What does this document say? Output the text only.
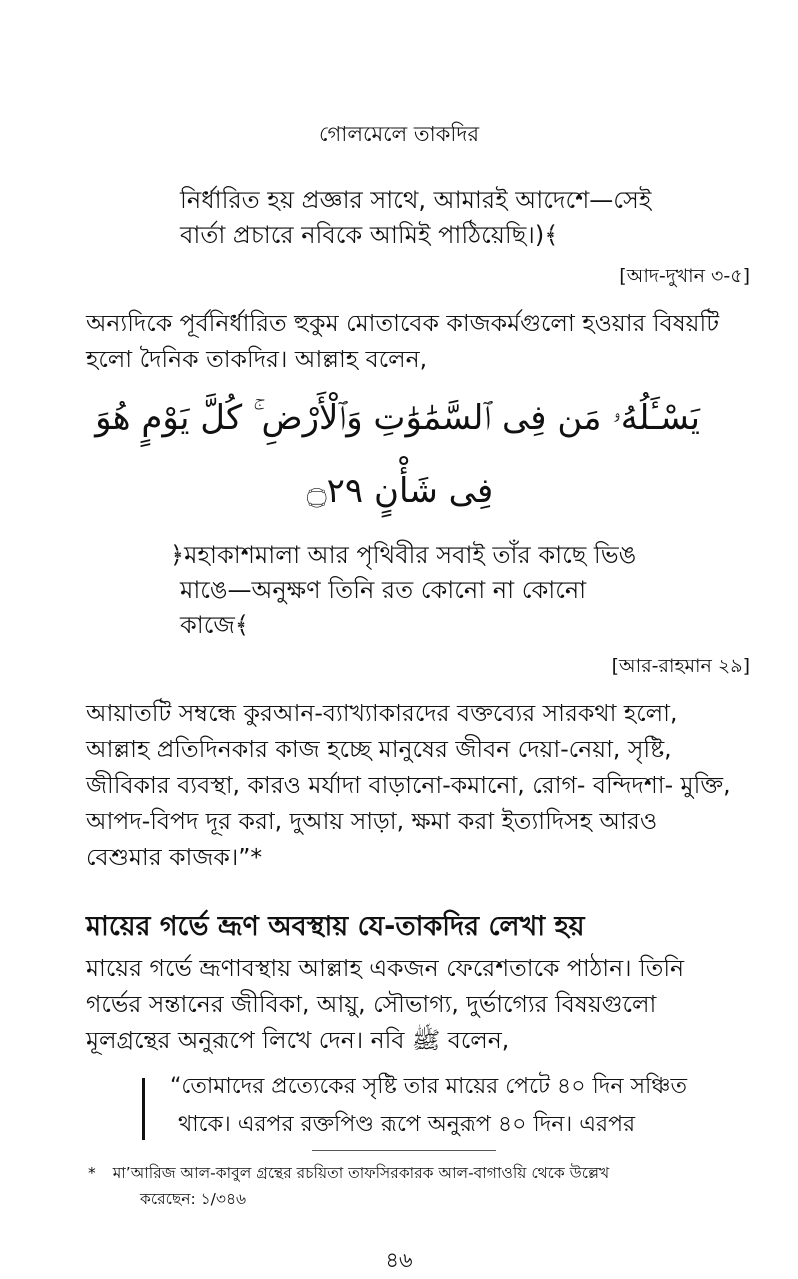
গোলমেলে তাকদির
নির্ধারিত হয় প্রজ্ঞার সাথে, আমারই আদেশে—সেই
বার্তা প্রচারে নবিকে আমিই পাঠিয়েছি।)﴾
[আদ-দুখান ৩-৫]
অন্যদিকে পূর্বনির্ধারিত হুকুম মোতাবেক কাজকর্মগুলো হওয়ার বিষয়টি
হলো দৈনিক তাকদির। আল্লাহ বলেন,
يَسْـَٔلُهُۥ مَن فِى ٱلسَّمَٰوَٰتِ وَٱلْأَرْضِ ۚ كُلَّ يَوْمٍ هُوَ
فِى شَأْنٍ ۝٢٩
﴿মহাকাশমালা আর পৃথিবীর সবাই তাঁর কাছে ভিঙ
মাঙে—অনুক্ষণ তিনি রত কোনো না কোনো
কাজে﴾
[আর-রাহমান ২৯]
আয়াতটি সম্বন্ধে কুরআন-ব্যাখ্যাকারদের বক্তব্যের সারকথা হলো,
আল্লাহ প্রতিদিনকার কাজ হচ্ছে মানুষের জীবন দেয়া-নেয়া, সৃষ্টি,
জীবিকার ব্যবস্থা, কারও মর্যাদা বাড়ানো-কমানো, রোগ- বন্দিদশা- মুক্তি,
আপদ-বিপদ দূর করা, দুআয় সাড়া, ক্ষমা করা ইত্যাদিসহ আরও
বেশুমার কাজক।”*
মায়ের গর্ভে ভ্রূণ অবস্থায় যে-তাকদির লেখা হয়
মায়ের গর্ভে ভ্রূণাবস্থায় আল্লাহ একজন ফেরেশতাকে পাঠান। তিনি
গর্ভের সন্তানের জীবিকা, আয়ু, সৌভাগ্য, দুর্ভাগ্যের বিষয়গুলো
মূলগ্রন্থের অনুরূপে লিখে দেন। নবি ﷺ বলেন,
“তোমাদের প্রত্যেকের সৃষ্টি তার মায়ের পেটে ৪০ দিন সঞ্চিত
থাকে। এরপর রক্তপিণ্ড রূপে অনুরূপ ৪০ দিন। এরপর
* মা’আরিজ আল-কাবুল গ্রন্থের রচয়িতা তাফসিরকারক আল-বাগাওয়ি থেকে উল্লেখ
করেছেন: ১/৩৪৬
৪৬
